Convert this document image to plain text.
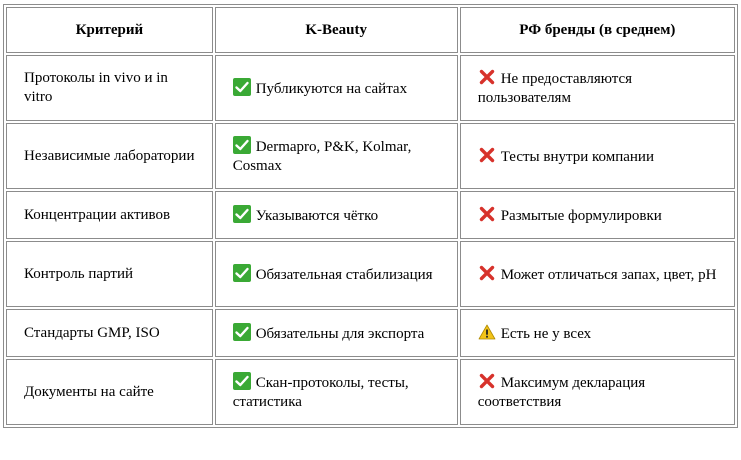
Критерий	K-Beauty	РФ бренды (в среднем)
Протоколы in vivo и in vitro	Публикуются на сайтах	Не предоставляются пользователям
Независимые лаборатории	Dermapro, P&K, Kolmar, Cosmax	Тесты внутри компании
Концентрации активов	Указываются чётко	Размытые формулировки
Контроль партий	Обязательная стабилизация	Может отличаться запах, цвет, pH
Стандарты GMP, ISO	Обязательны для экспорта	Есть не у всех
Документы на сайте	Скан-протоколы, тесты, статистика	Максимум декларация соответствия
